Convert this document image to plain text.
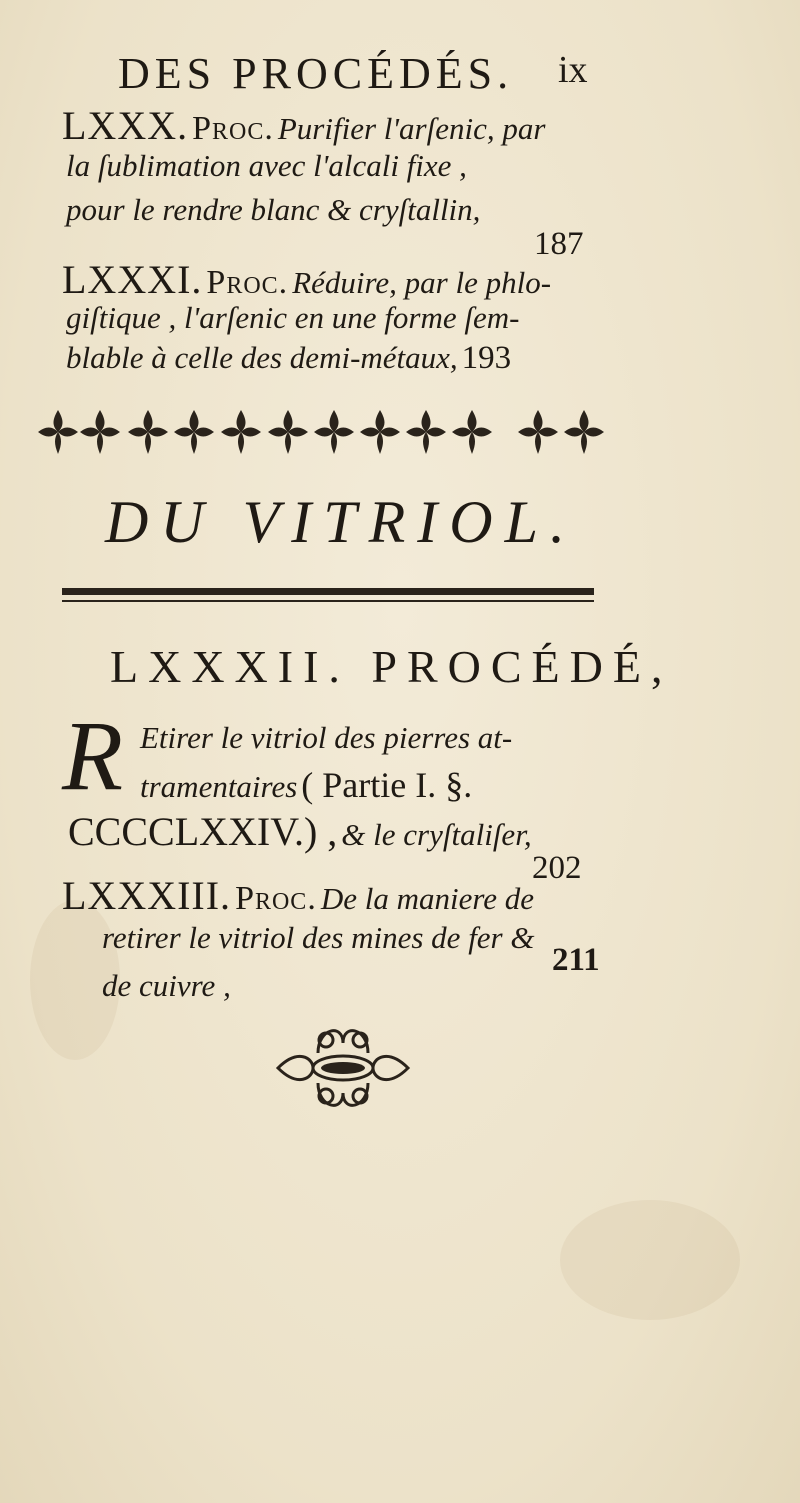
DES PROCÉDÉS. ix
LXXX. Proc. Purifier l'arſenic, par
la ſublimation avec l'alcali fixe ,
pour le rendre blanc & cryſtallin,
187
LXXXI. Proc. Réduire, par le phlo-
giſtique , l'arſenic en une forme ſem-
blable à celle des demi-métaux, 193
DU VITRIOL.
LXXXII. PROCÉDÉ,
R Etirer le vitriol des pierres at-
tramentaires ( Partie I. §.
CCCCLXXIV.) , & le cryſtaliſer,
202
LXXXIII. Proc. De la maniere de
retirer le vitriol des mines de fer &
de cuivre ,
211
